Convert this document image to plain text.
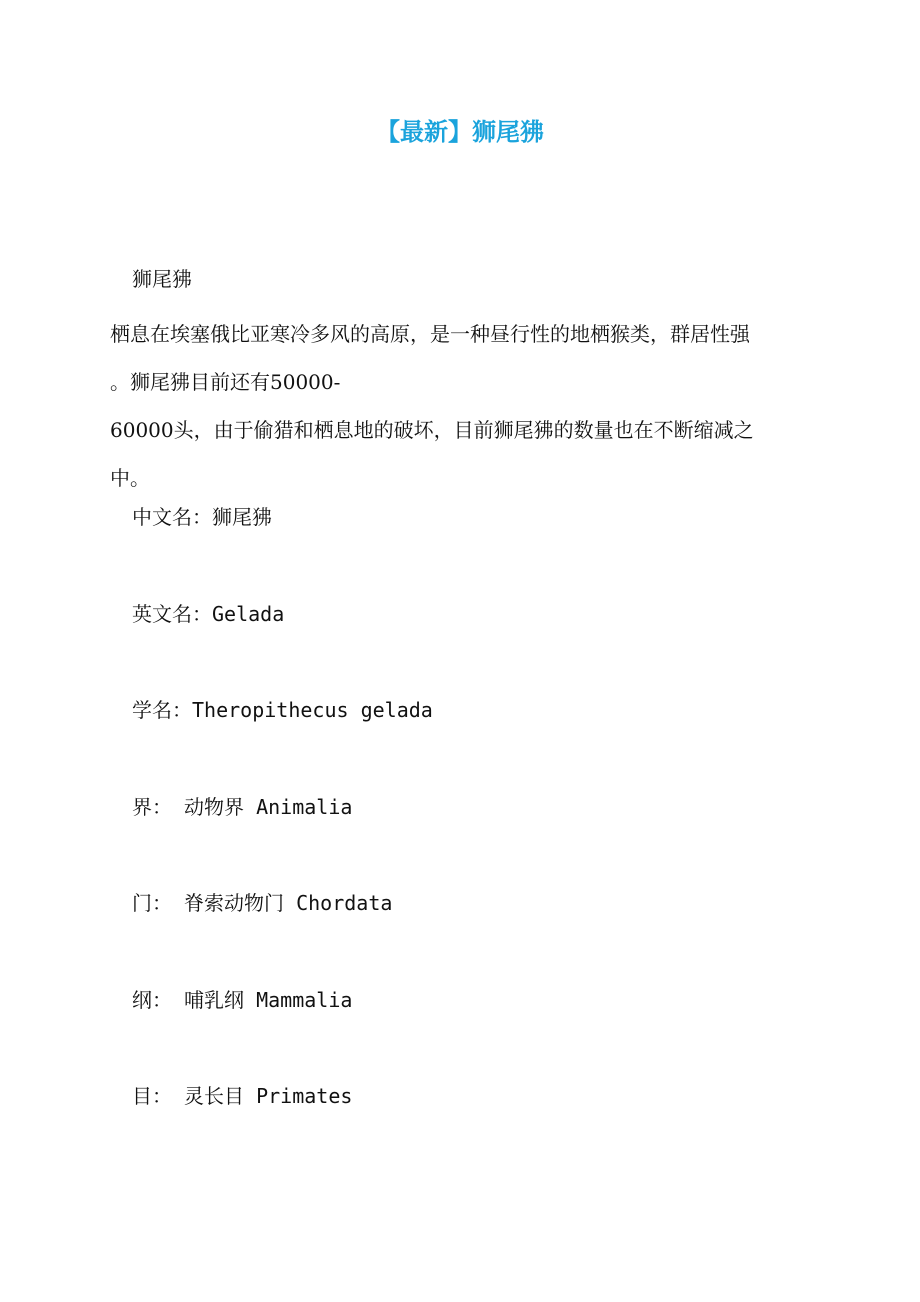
【最新】狮尾狒
狮尾狒
栖息在埃塞俄比亚寒冷多风的高原，是一种昼行性的地栖猴类，群居性强
。狮尾狒目前还有50000-
60000头，由于偷猎和栖息地的破坏，目前狮尾狒的数量也在不断缩减之
中。
中文名：狮尾狒
英文名：Gelada
学名：Theropithecus gelada
界： 动物界 Animalia
门： 脊索动物门 Chordata
纲： 哺乳纲 Mammalia
目： 灵长目 Primates
